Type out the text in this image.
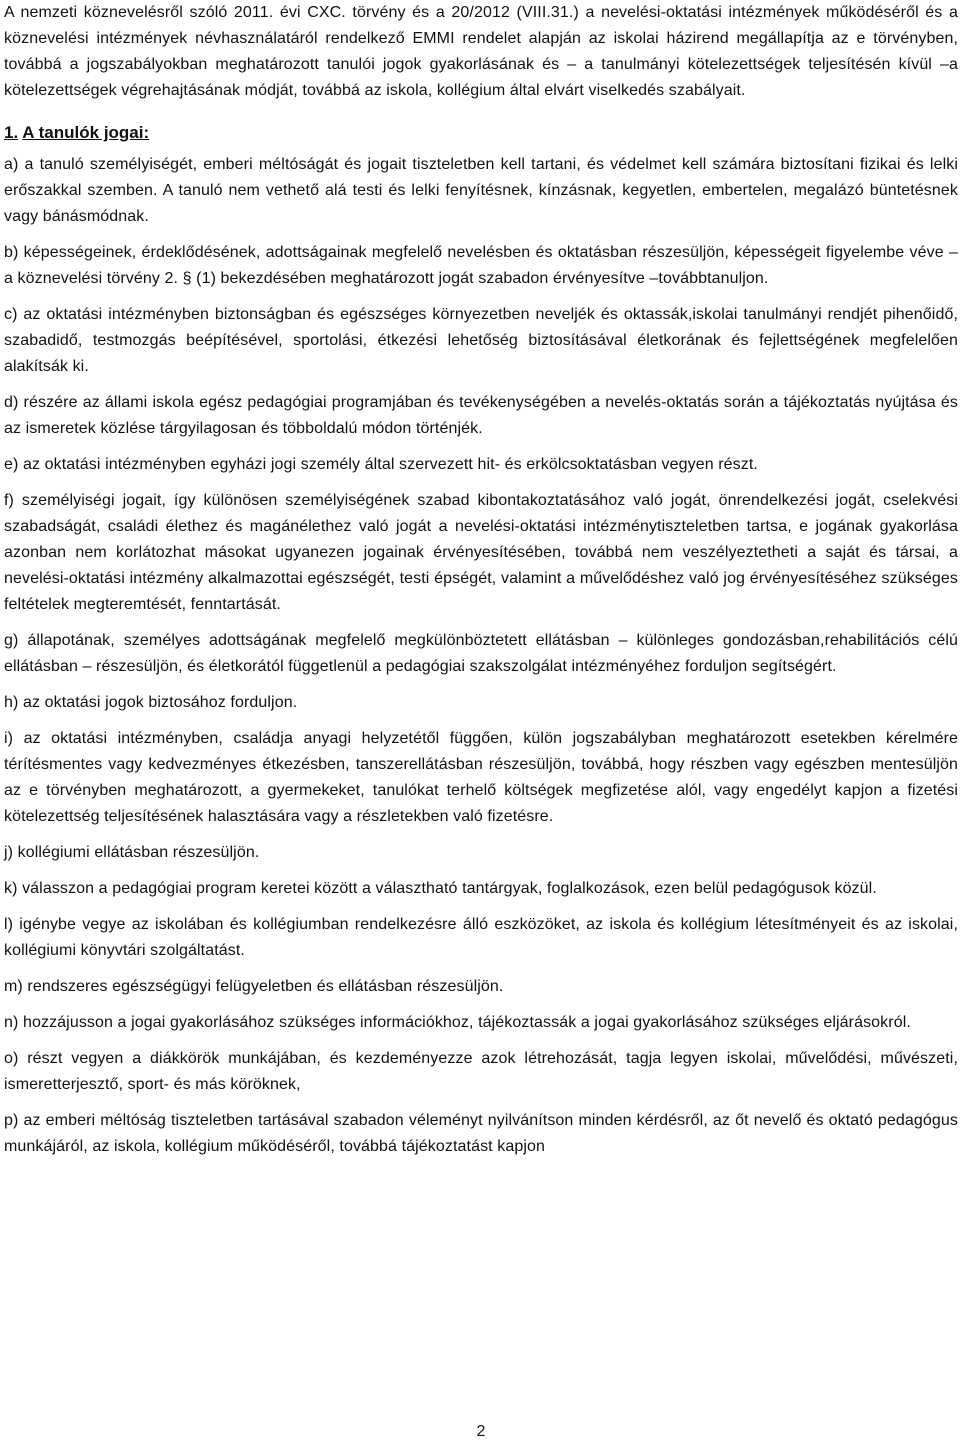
A nemzeti köznevelésről szóló 2011. évi CXC. törvény és a 20/2012 (VIII.31.) a nevelési-oktatási intézmények működéséről és a köznevelési intézmények névhasználatáról rendelkező EMMI rendelet alapján az iskolai házirend megállapítja az e törvényben, továbbá a jogszabályokban meghatározott tanulói jogok gyakorlásának és – a tanulmányi kötelezettségek teljesítésén kívül –a kötelezettségek végrehajtásának módját, továbbá az iskola, kollégium által elvárt viselkedés szabályait.

1. A tanulók jogai:

a) a tanuló személyiségét, emberi méltóságát és jogait tiszteletben kell tartani, és védelmet kell számára biztosítani fizikai és lelki erőszakkal szemben. A tanuló nem vethető alá testi és lelki fenyítésnek, kínzásnak, kegyetlen, embertelen, megalázó büntetésnek vagy bánásmódnak.

b) képességeinek, érdeklődésének, adottságainak megfelelő nevelésben és oktatásban részesüljön, képességeit figyelembe véve – a köznevelési törvény 2. § (1) bekezdésében meghatározott jogát szabadon érvényesítve –továbbtanuljon.

c) az oktatási intézményben biztonságban és egészséges környezetben neveljék és oktassák,iskolai tanulmányi rendjét pihenőidő, szabadidő, testmozgás beépítésével, sportolási, étkezési lehetőség biztosításával életkorának és fejlettségének megfelelően alakítsák ki.

d) részére az állami iskola egész pedagógiai programjában és tevékenységében a nevelés-oktatás során a tájékoztatás nyújtása és az ismeretek közlése tárgyilagosan és többoldalú módon történjék.

e) az oktatási intézményben egyházi jogi személy által szervezett hit- és erkölcsoktatásban vegyen részt.

f) személyiségi jogait, így különösen személyiségének szabad kibontakoztatásához való jogát, önrendelkezési jogát, cselekvési szabadságát, családi élethez és magánélethez való jogát a nevelési-oktatási intézménytiszteletben tartsa, e jogának gyakorlása azonban nem korlátozhat másokat ugyanezen jogainak érvényesítésében, továbbá nem veszélyeztetheti a saját és társai, a nevelési-oktatási intézmény alkalmazottai egészségét, testi épségét, valamint a művelődéshez való jog érvényesítéséhez szükséges feltételek megteremtését, fenntartását.

g) állapotának, személyes adottságának megfelelő megkülönböztetett ellátásban – különleges gondozásban,rehabilitációs célú ellátásban – részesüljön, és életkorától függetlenül a pedagógiai szakszolgálat intézményéhez forduljon segítségért.

h) az oktatási jogok biztosához forduljon.

i) az oktatási intézményben, családja anyagi helyzetétől függően, külön jogszabályban meghatározott esetekben kérelmére térítésmentes vagy kedvezményes étkezésben, tanszerellátásban részesüljön, továbbá, hogy részben vagy egészben mentesüljön az e törvényben meghatározott, a gyermekeket, tanulókat terhelő költségek megfizetése alól, vagy engedélyt kapjon a fizetési kötelezettség teljesítésének halasztására vagy a részletekben való fizetésre.

j) kollégiumi ellátásban részesüljön.

k) válasszon a pedagógiai program keretei között a választható tantárgyak, foglalkozások, ezen belül pedagógusok közül.

l) igénybe vegye az iskolában és kollégiumban rendelkezésre álló eszközöket, az iskola és kollégium létesítményeit és az iskolai, kollégiumi könyvtári szolgáltatást.

m) rendszeres egészségügyi felügyeletben és ellátásban részesüljön.

n) hozzájusson a jogai gyakorlásához szükséges információkhoz, tájékoztassák a jogai gyakorlásához szükséges eljárásokról.

o) részt vegyen a diákkörök munkájában, és kezdeményezze azok létrehozását, tagja legyen iskolai, művelődési, művészeti, ismeretterjesztő, sport- és más köröknek,

p) az emberi méltóság tiszteletben tartásával szabadon véleményt nyilvánítson minden kérdésről, az őt nevelő és oktató pedagógus munkájáról, az iskola, kollégium működéséről, továbbá tájékoztatást kapjon

2
